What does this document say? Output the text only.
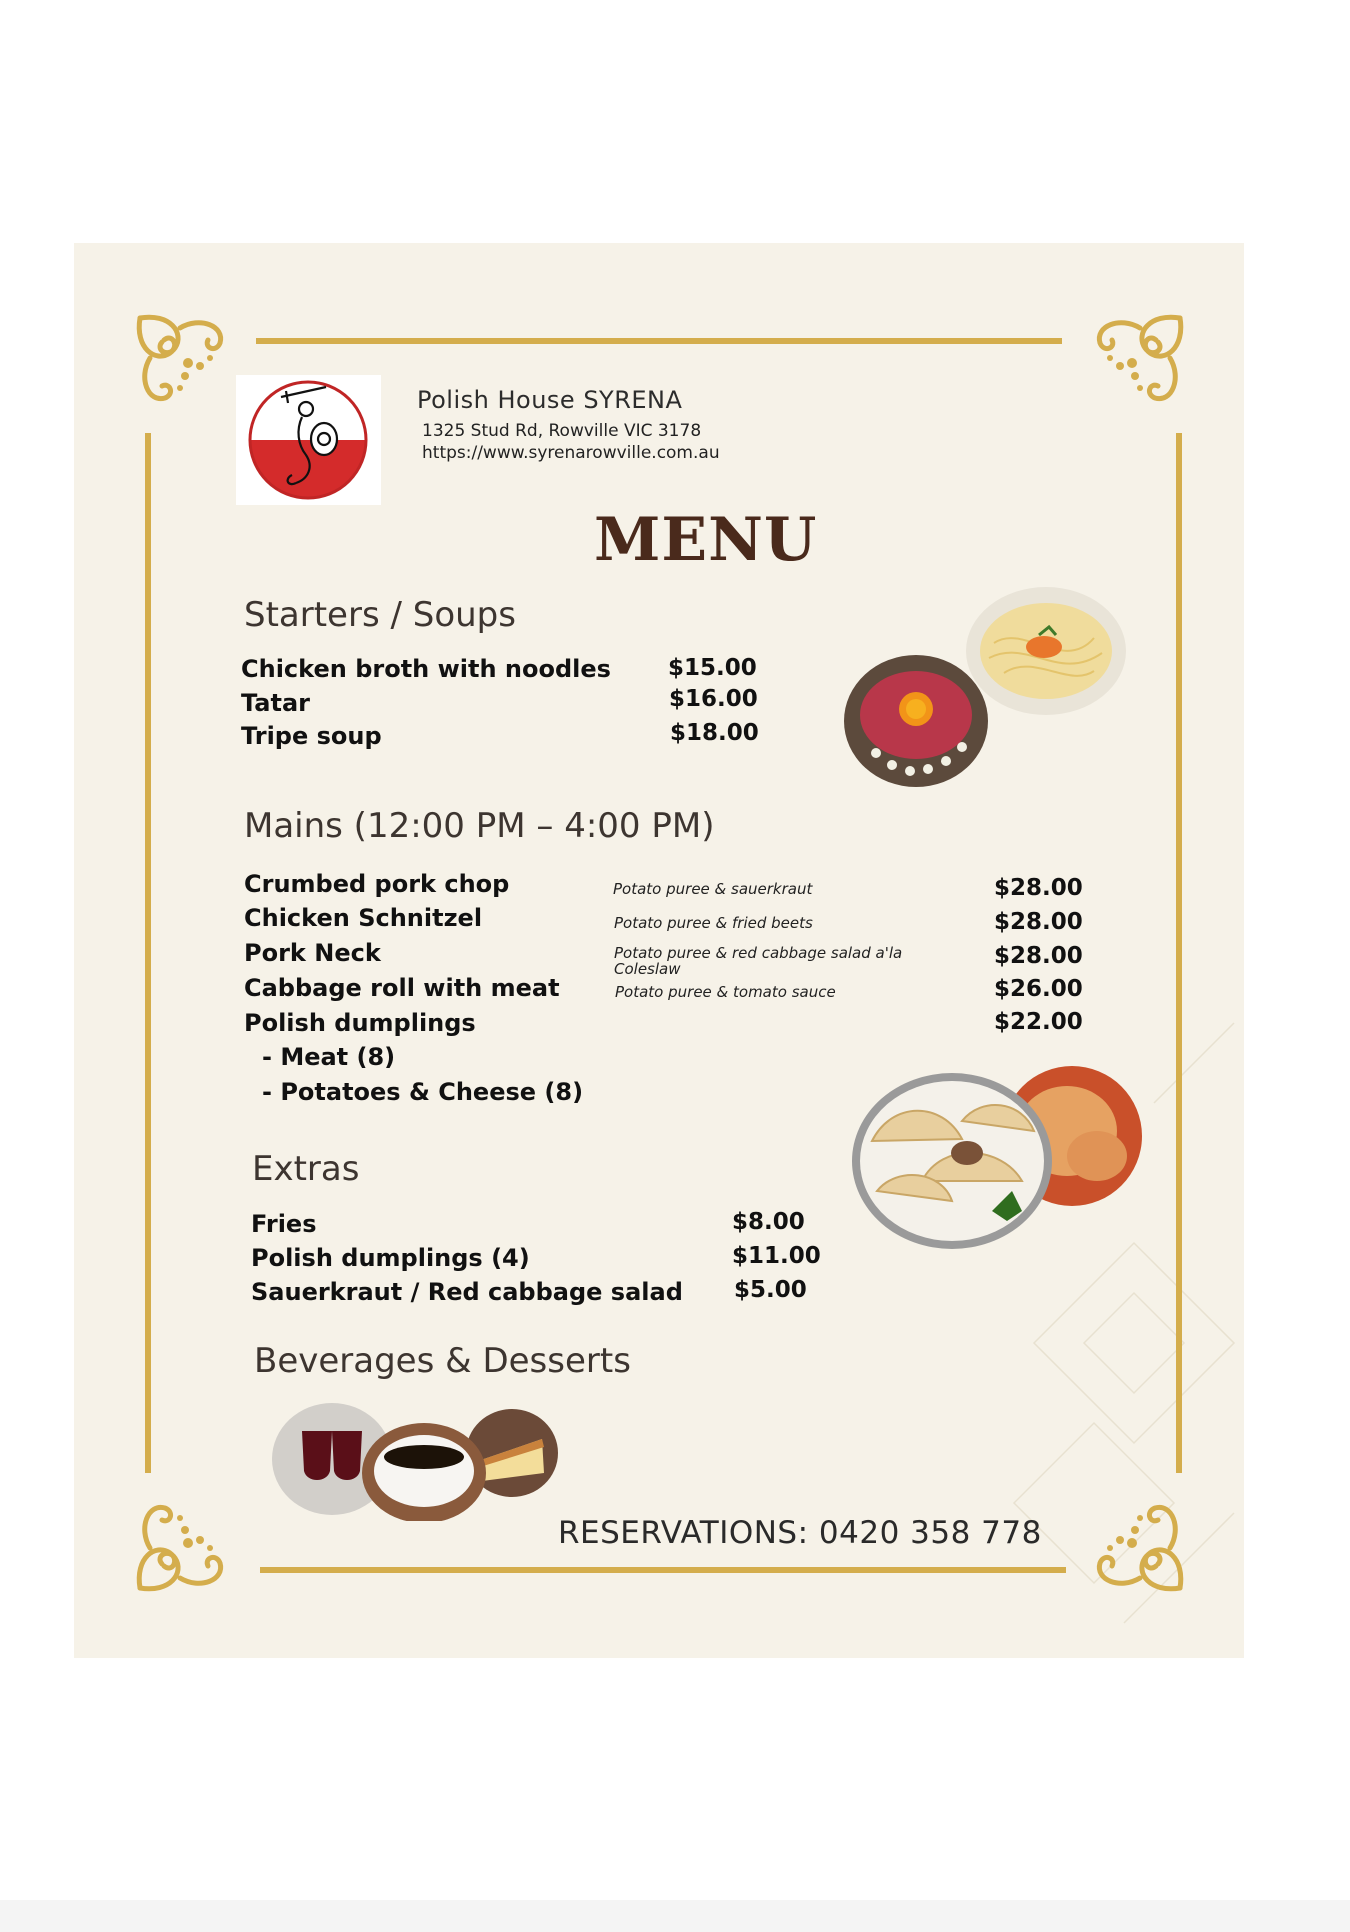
Polish House SYRENA
1325 Stud Rd, Rowville VIC 3178
https://www.syrenarowville.com.au
MENU
Starters / Soups
Chicken broth with noodles $15.00
Tatar	$16.00
Tripe soup	$18.00
Mains (12:00 PM – 4:00 PM)
Crumbed pork chop	Potato puree & sauerkraut	$28.00
Chicken Schnitzel	Potato puree & fried beets	$28.00
Pork Neck	Potato puree & red cabbage salad a'la Coleslaw	$28.00
Cabbage roll with meat	Potato puree & tomato sauce	$26.00
Polish dumplings	$22.00
- Meat (8)
- Potatoes & Cheese (8)
Extras
Fries	$8.00
Polish dumplings (4)	$11.00
Sauerkraut / Red cabbage salad $5.00
Beverages & Desserts
RESERVATIONS: 0420 358 778
